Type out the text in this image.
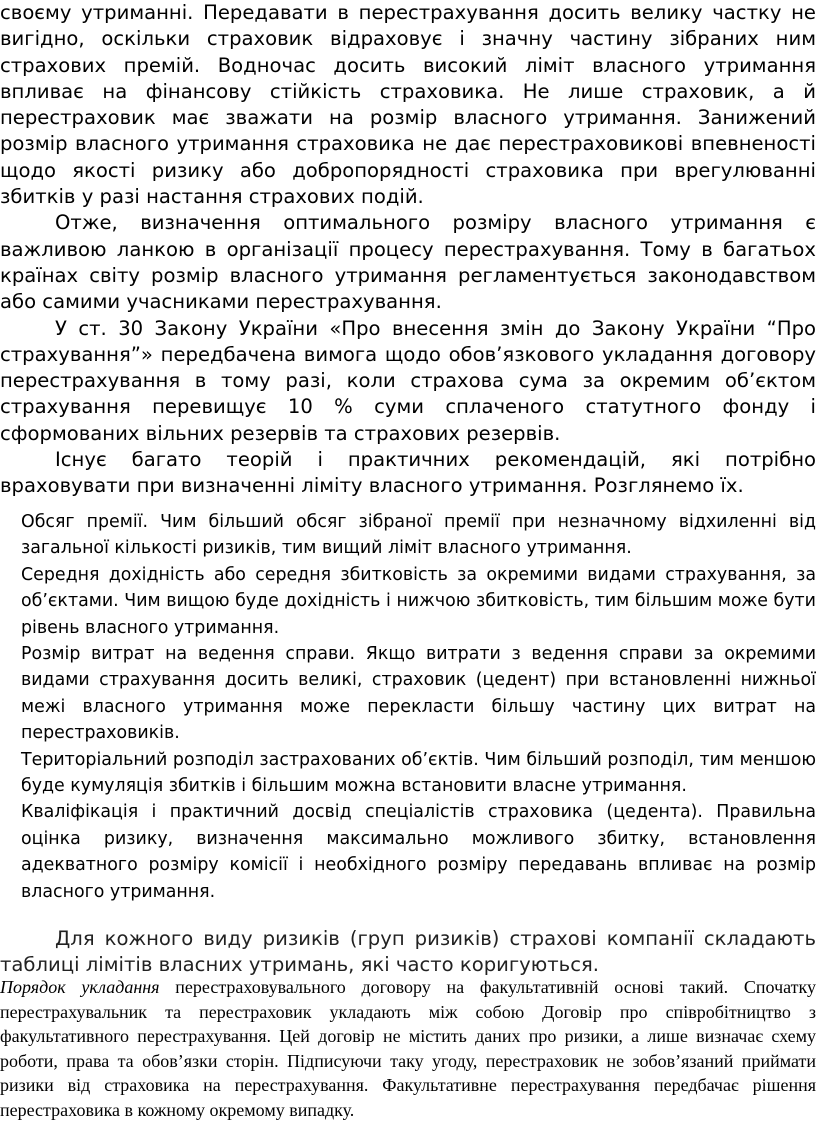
своєму утриманні. Передавати в перестрахування досить велику частку не вигідно, оскільки страховик відраховує і значну частину зібраних ним страхових премій. Водночас досить високий ліміт власного утримання впливає на фінансову стійкість страховика. Не лише страховик, а й перестраховик має зважати на розмір власного утримання. Занижений розмір власного утримання страховика не дає перестраховикові впевненості щодо якості ризику або добропорядності страховика при врегулюванні збитків у разі настання страхових подій.

Отже, визначення оптимального розміру власного утримання є важливою ланкою в організації процесу перестрахування. Тому в багатьох країнах світу розмір власного утримання регламентується законодавством або самими учасниками перестрахування.

У ст. 30 Закону України «Про внесення змін до Закону України “Про страхування”» передбачена вимога щодо обов’язкового укладання договору перестрахування в тому разі, коли страхова сума за окремим об’єктом страхування перевищує 10 % суми сплаченого статутного фонду і сформованих вільних резервів та страхових резервів.

Існує багато теорій і практичних рекомендацій, які потрібно враховувати при визначенні ліміту власного утримання. Розглянемо їх.

Обсяг премії. Чим більший обсяг зібраної премії при незначному відхиленні від загальної кількості ризиків, тим вищий ліміт власного утримання.

Середня дохідність або середня збитковість за окремими видами страхування, за об’єктами. Чим вищою буде дохідність і нижчою збитковість, тим більшим може бути рівень власного утримання.

Розмір витрат на ведення справи. Якщо витрати з ведення справи за окремими видами страхування досить великі, страховик (цедент) при встановленні нижньої межі власного утримання може перекласти більшу частину цих витрат на перестраховиків.

Територіальний розподіл застрахованих об’єктів. Чим більший розподіл, тим меншою буде кумуляція збитків і більшим можна встановити власне утримання.

Кваліфікація і практичний досвід спеціалістів страховика (цедента). Правильна оцінка ризику, визначення максимально можливого збитку, встановлення адекватного розміру комісії і необхідного розміру передавань впливає на розмір власного утримання.

Для кожного виду ризиків (груп ризиків) страхові компанії складають таблиці лімітів власних утримань, які часто коригуються.

Порядок укладання перестраховувального договору на факультативній основі такий. Спочатку перестрахувальник та перестраховик укладають між собою Договір про співробітництво з факультативного перестрахування. Цей договір не містить даних про ризики, а лише визначає схему роботи, права та обов’язки сторін. Підписуючи таку угоду, перестраховик не зобов’язаний приймати ризики від страховика на перестрахування. Факультативне перестрахування передбачає рішення перестраховика в кожному окремому випадку.
